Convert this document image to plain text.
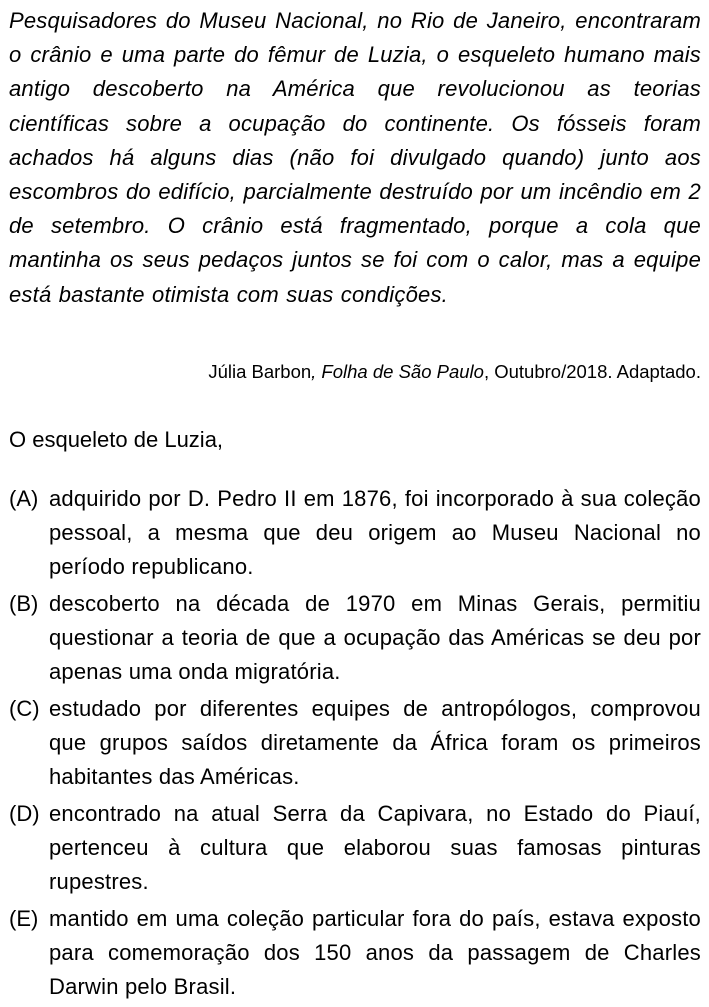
Pesquisadores do Museu Nacional, no Rio de Janeiro, encontraram o crânio e uma parte do fêmur de Luzia, o esqueleto humano mais antigo descoberto na América que revolucionou as teorias científicas sobre a ocupação do continente. Os fósseis foram achados há alguns dias (não foi divulgado quando) junto aos escombros do edifício, parcialmente destruído por um incêndio em 2 de setembro. O crânio está fragmentado, porque a cola que mantinha os seus pedaços juntos se foi com o calor, mas a equipe está bastante otimista com suas condições.

Júlia Barbon, Folha de São Paulo, Outubro/2018. Adaptado.
O esqueleto de Luzia,
(A) adquirido por D. Pedro II em 1876, foi incorporado à sua coleção pessoal, a mesma que deu origem ao Museu Nacional no período republicano.
(B) descoberto na década de 1970 em Minas Gerais, permitiu questionar a teoria de que a ocupação das Américas se deu por apenas uma onda migratória.
(C) estudado por diferentes equipes de antropólogos, comprovou que grupos saídos diretamente da África foram os primeiros habitantes das Américas.
(D) encontrado na atual Serra da Capivara, no Estado do Piauí, pertenceu à cultura que elaborou suas famosas pinturas rupestres.
(E) mantido em uma coleção particular fora do país, estava exposto para comemoração dos 150 anos da passagem de Charles Darwin pelo Brasil.
